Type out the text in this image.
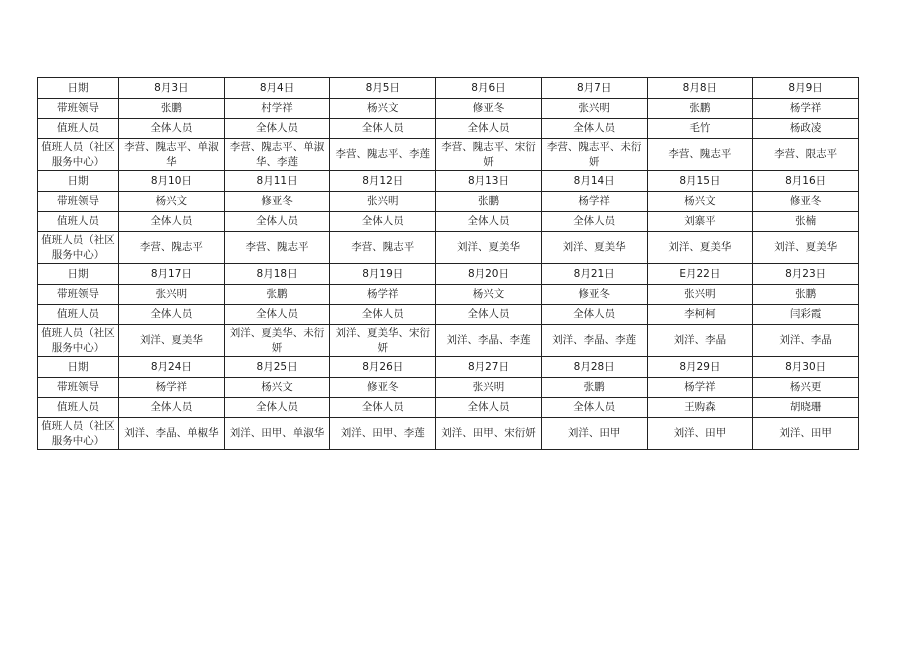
日期	8月3日	8月4日	8月5日	8月6日	8月7日	8月8日	8月9日
带班领导	张鹏	村学祥	杨兴文	修亚冬	张兴明	张鹏	杨学祥
值班人员	全体人员	全体人员	全体人员	全体人员	全体人员	毛竹	杨政凌
值班人员（社区服务中心）	李营、隗志平、单淑华	李营、隗志平、单淑华、李莲	李营、隗志平、李莲	李营、隗志平、宋衍妍	李营、隗志平、未衍妍	李营、隗志平	李营、限志平
日期	8月10日	8月11日	8月12日	8月13日	8月14日	8月15日	8月16日
带班领导	杨兴文	修亚冬	张兴明	张鹏	杨学祥	杨兴文	修亚冬
值班人员	全体人员	全体人员	全体人员	全体人员	全体人员	刘寨平	张楠
值班人员（社区服务中心）	李营、隗志平	李营、隗志平	李营、隗志平	刘洋、夏美华	刘洋、夏美华	刘洋、夏美华	刘洋、夏美华
日期	8月17日	8月18日	8月19日	8月20日	8月21日	E月22日	8月23日
带班领导	张兴明	张鹏	杨学祥	杨兴文	修亚冬	张兴明	张鹏
值班人员	全体人员	全体人员	全体人员	全体人员	全体人员	李柯柯	闫彩霞
值班人员（社区服务中心）	刘洋、夏美华	刘洋、夏美华、未衍妍	刘洋、夏美华、宋衍妍	刘洋、李晶、李莲	刘洋、李晶、李莲	刘洋、李晶	刘洋、李晶
日期	8月24日	8月25日	8月26日	8月27日	8月28日	8月29日	8月30日
带班领导	杨学祥	杨兴文	修亚冬	张兴明	张鹏	杨学祥	杨兴更
值班人员	全体人员	全体人员	全体人员	全体人员	全体人员	王购森	胡晓珊
值班人员（社区服务中心）	刘洋、李晶、单椒华	刘洋、田甲、单淑华	刘洋、田甲、李莲	刘洋、田甲、宋衍妍	刘洋、田甲	刘洋、田甲	刘洋、田甲
